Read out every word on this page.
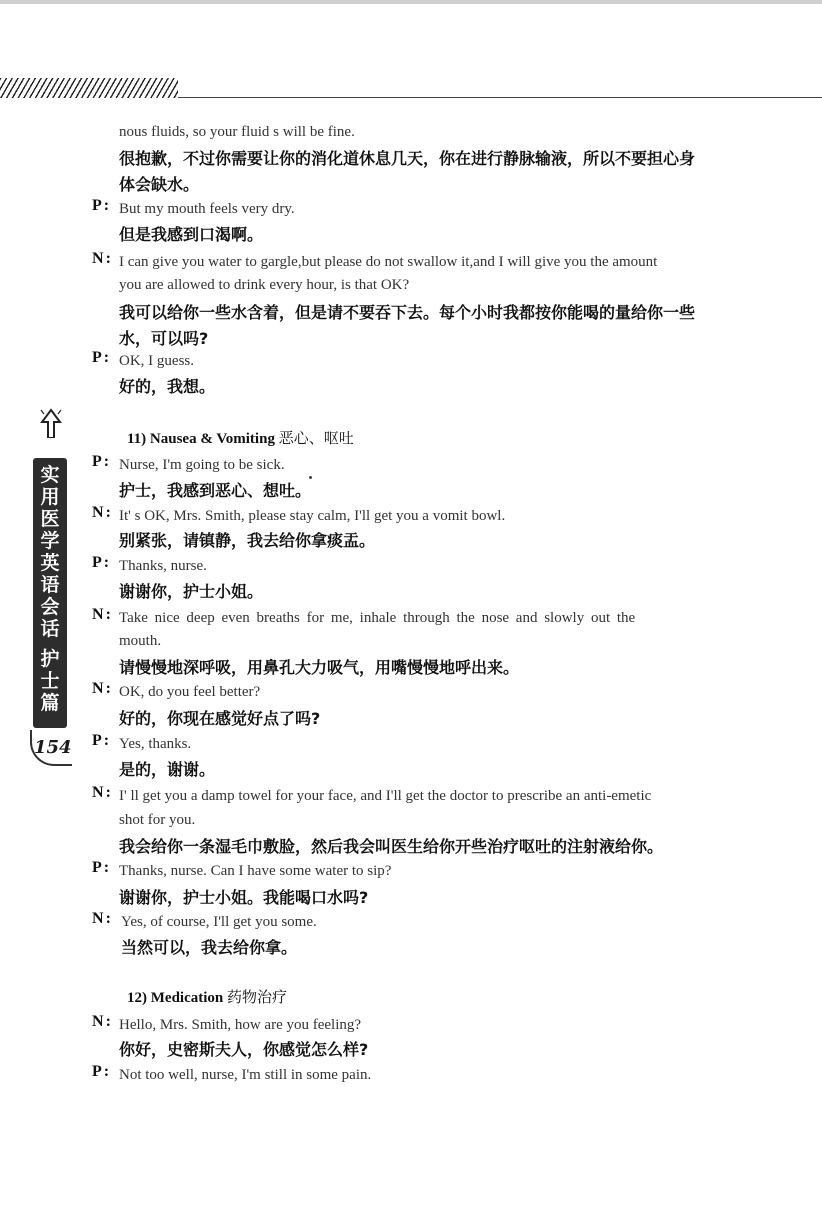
实用医学英语会话
护士篇
154
nous fluids, so your fluid s will be fine.
很抱歉，不过你需要让你的消化道休息几天，你在进行静脉输液，所以不要担心身
体会缺水。
P : But my mouth feels very dry.
但是我感到口渴啊。
N : I can give you water to gargle,but please do not swallow it,and I will give you the amount
you are allowed to drink every hour, is that OK?
我可以给你一些水含着，但是请不要吞下去。每个小时我都按你能喝的量给你一些
水，可以吗?
P : OK, I guess.
好的，我想。
11) Nausea & Vomiting 恶心、呕吐
P : Nurse, I'm going to be sick.
护士，我感到恶心、想吐。
N : It' s OK, Mrs. Smith, please stay calm, I'll get you a vomit bowl.
别紧张，请镇静，我去给你拿痰盂。
P : Thanks, nurse.
谢谢你，护士小姐。
N : Take nice deep even breaths for me, inhale through the nose and slowly out the
mouth.
请慢慢地深呼吸，用鼻孔大力吸气，用嘴慢慢地呼出来。
N : OK, do you feel better?
好的，你现在感觉好点了吗?
P : Yes, thanks.
是的，谢谢。
N : I' ll get you a damp towel for your face, and I'll get the doctor to prescribe an anti-emetic
shot for you.
我会给你一条湿毛巾敷脸，然后我会叫医生给你开些治疗呕吐的注射液给你。
P : Thanks, nurse. Can I have some water to sip?
谢谢你，护士小姐。我能喝口水吗?
N : Yes, of course, I'll get you some.
当然可以，我去给你拿。
12) Medication 药物治疗
N : Hello, Mrs. Smith, how are you feeling?
你好，史密斯夫人，你感觉怎么样?
P : Not too well, nurse, I'm still in some pain.
